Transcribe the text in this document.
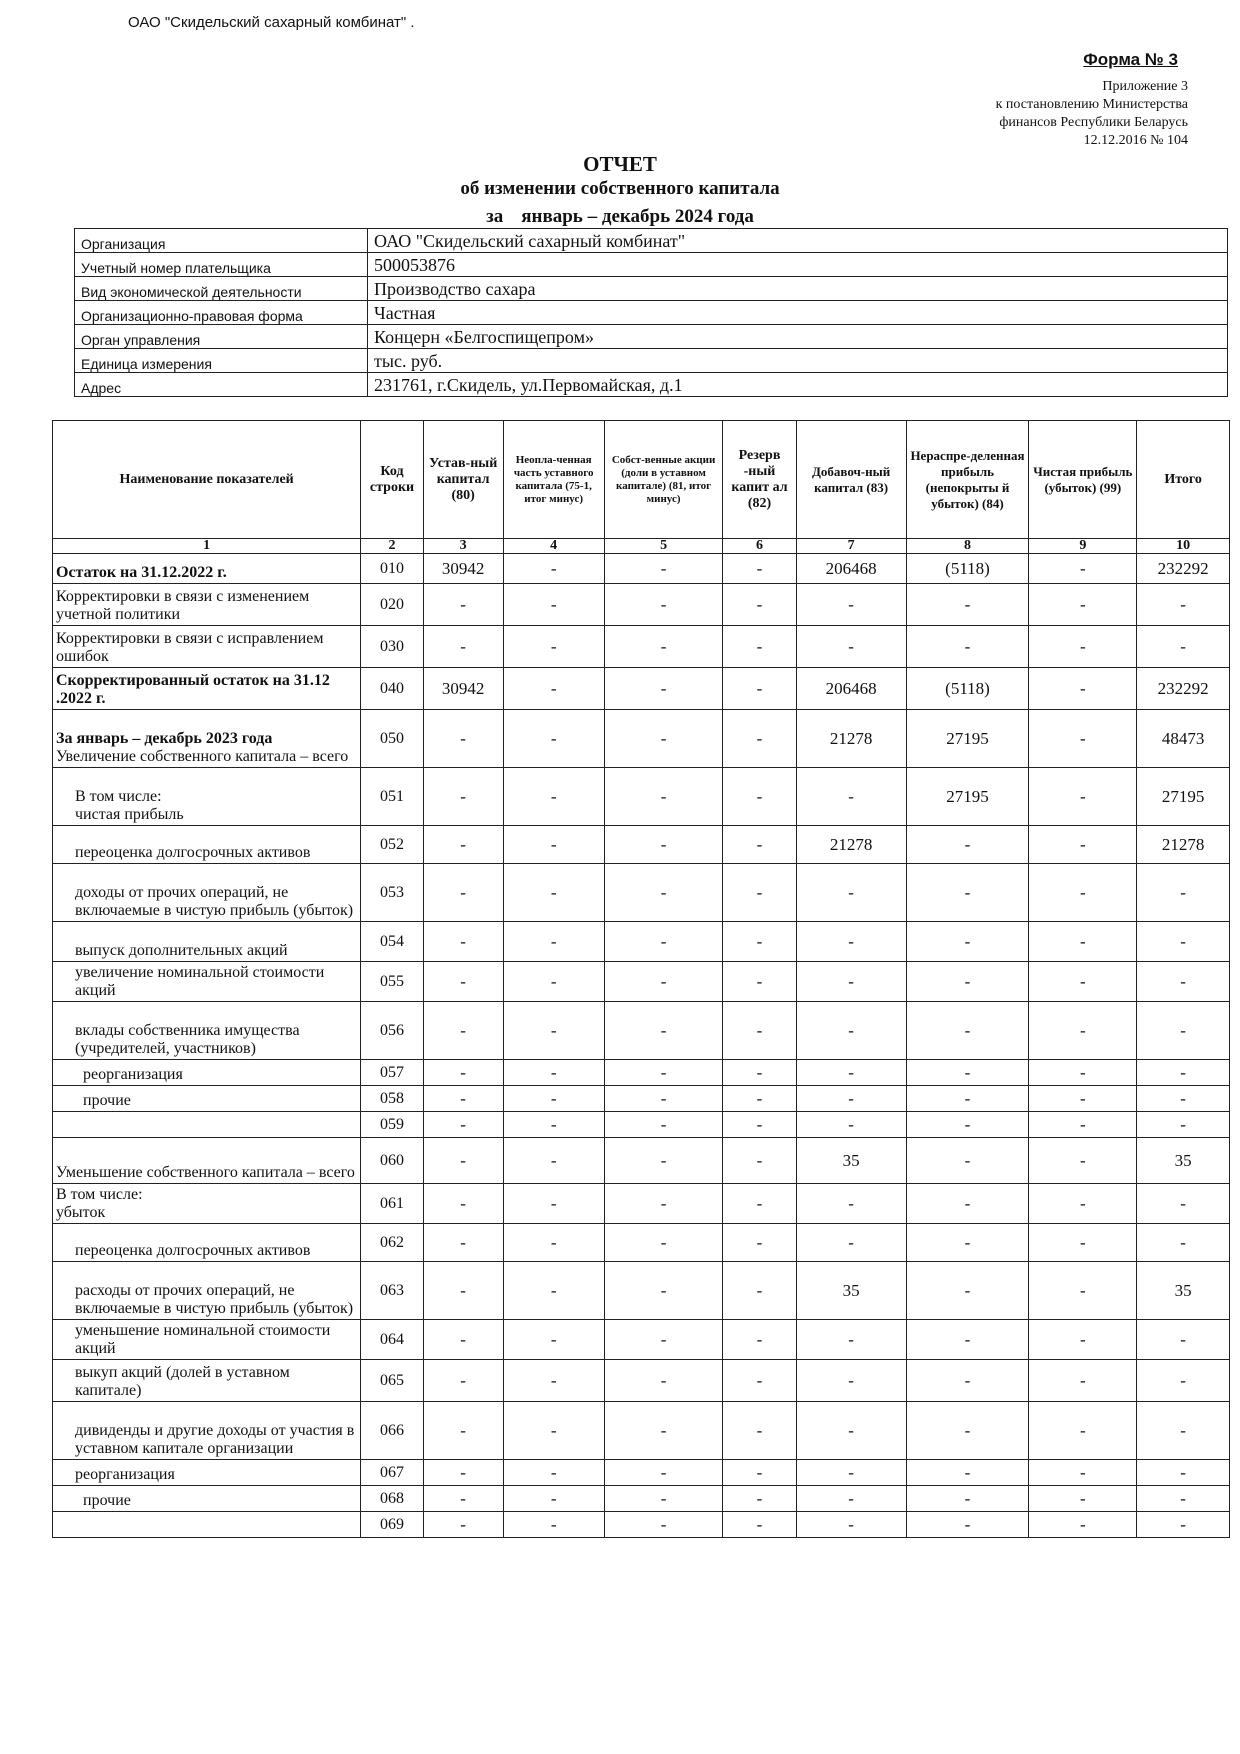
ОАО "Скидельский сахарный комбинат" .
Форма № 3
Приложение 3
к постановлению Министерства
финансов Республики Беларусь
12.12.2016 № 104
ОТЧЕТ
об изменении собственного капитала
за январь – декабрь 2024 года
Организация	ОАО "Скидельский сахарный комбинат"
Учетный номер плательщика	500053876
Вид экономической деятельности	Производство сахара
Организационно-правовая форма	Частная
Орган управления	Концерн «Белгоспищепром»
Единица измерения	тыс. руб.
Адрес	231761, г.Скидель, ул.Первомайская, д.1
Наименование показателей	Код строки	Устав-ный капитал (80)	Неопла-ченная часть уставного капитала (75-1, итог минус)	Собст-венные акции (доли в уставном капитале) (81, итог минус)	Резерв -ный капит ал (82)	Добавоч-ный капитал (83)	Нераспре-деленная прибыль (непокрыты й убыток) (84)	Чистая прибыль (убыток) (99)	Итого
1	2	3	4	5	6	7	8	9	10
Остаток на 31.12.2022 г.	010	30942	-	-	-	206468	(5118)	-	232292
Корректировки в связи с изменением учетной политики	020	-	-	-	-	-	-	-	-
Корректировки в связи с исправлением ошибок	030	-	-	-	-	-	-	-	-
Скорректированный остаток на 31.12 .2022 г.	040	30942	-	-	-	206468	(5118)	-	232292

За январь – декабрь 2023 года
Увеличение собственного капитала – всего	050	-	-	-	-	21278	27195	-	48473

В том числе:
чистая прибыль	051	-	-	-	-	-	27195	-	27195
переоценка долгосрочных активов	052	-	-	-	-	21278	-	-	21278
доходы от прочих операций, не включаемые в чистую прибыль (убыток)	053	-	-	-	-	-	-	-	-
выпуск дополнительных акций	054	-	-	-	-	-	-	-	-
увеличение номинальной стоимости акций	055	-	-	-	-	-	-	-	-
вклады собственника имущества (учредителей, участников)	056	-	-	-	-	-	-	-	-
реорганизация	057	-	-	-	-	-	-	-	-
прочие	058	-	-	-	-	-	-	-	-
	059	-	-	-	-	-	-	-	-
Уменьшение собственного капитала – всего	060	-	-	-	-	35	-	-	35

В том числе:
убыток	061	-	-	-	-	-	-	-	-
переоценка долгосрочных активов	062	-	-	-	-	-	-	-	-
расходы от прочих операций, не включаемые в чистую прибыль (убыток)	063	-	-	-	-	35	-	-	35
уменьшение номинальной стоимости акций	064	-	-	-	-	-	-	-	-
выкуп акций (долей в уставном капитале)	065	-	-	-	-	-	-	-	-
дивиденды и другие доходы от участия в уставном капитале организации	066	-	-	-	-	-	-	-	-
реорганизация	067	-	-	-	-	-	-	-	-
прочие	068	-	-	-	-	-	-	-	-
	069	-	-	-	-	-	-	-	-
